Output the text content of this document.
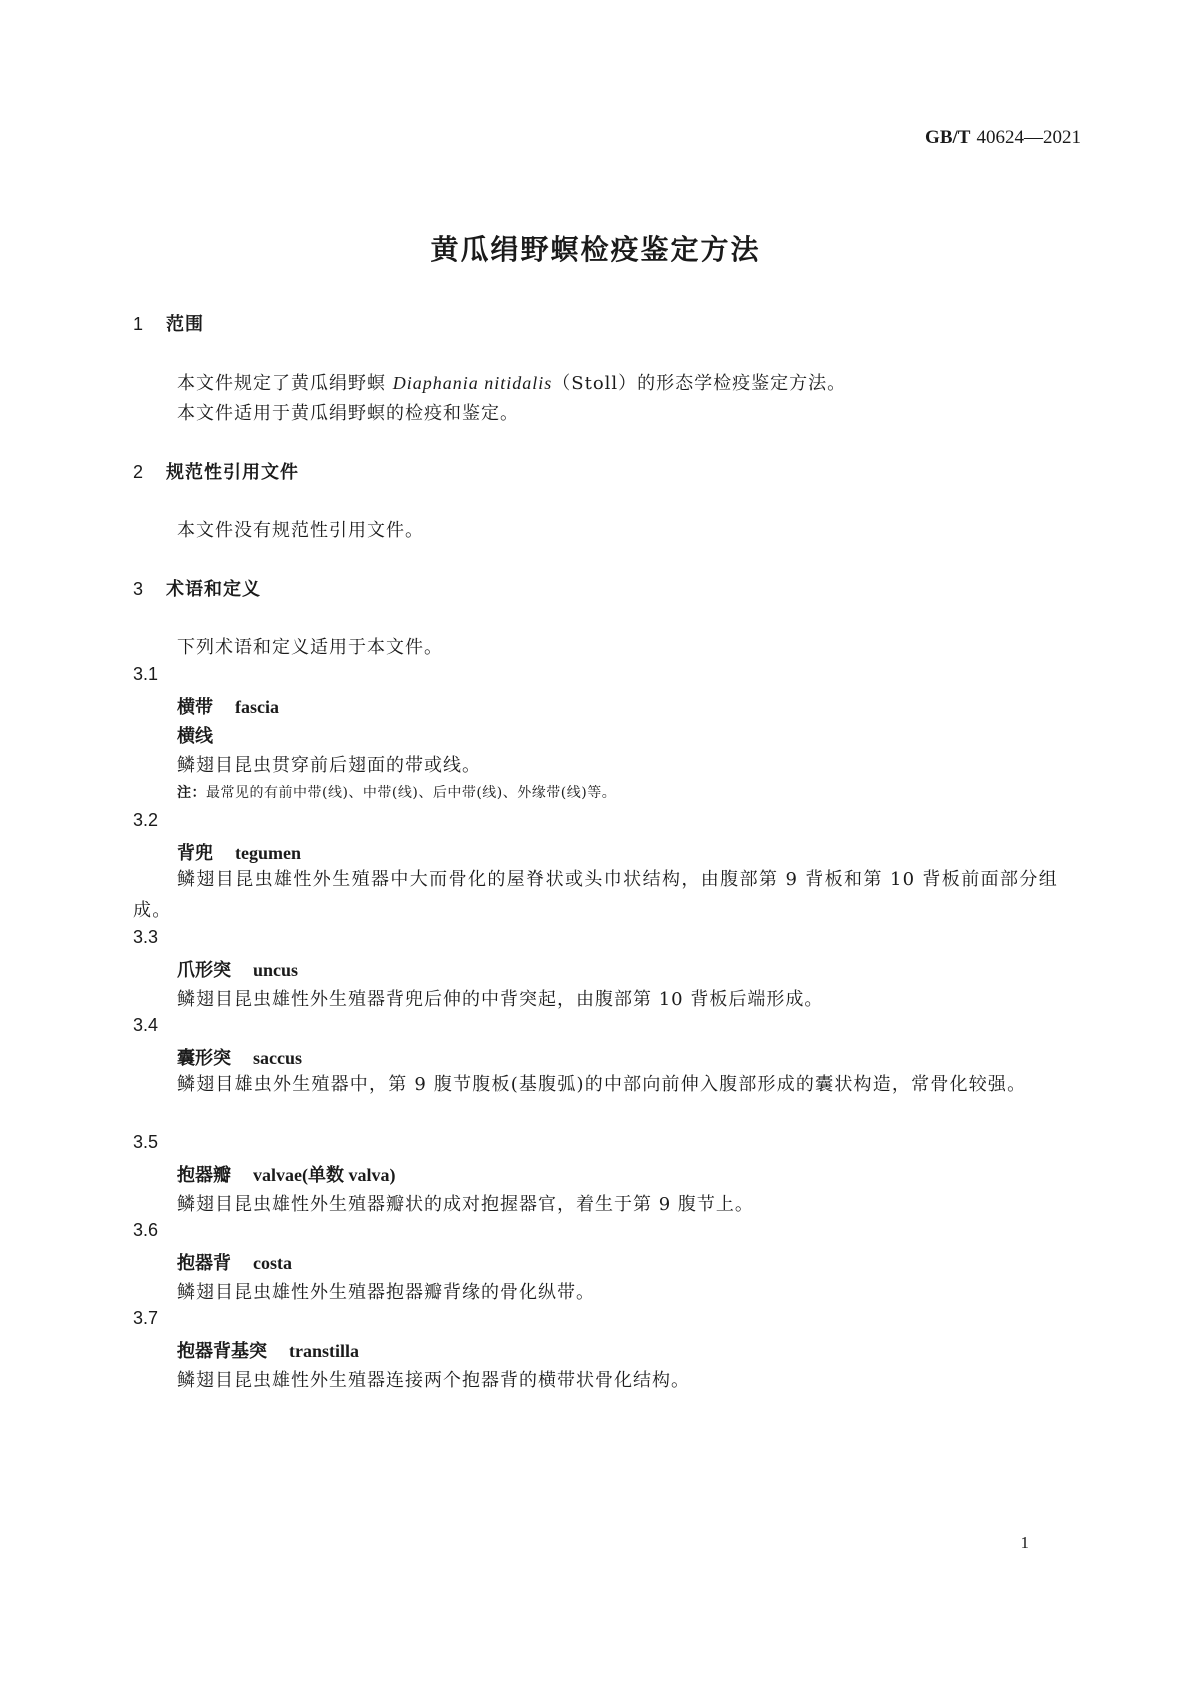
GB/T 40624—2021
黄瓜绢野螟检疫鉴定方法
1 范围
本文件规定了黄瓜绢野螟 Diaphania nitidalis（Stoll）的形态学检疫鉴定方法。
本文件适用于黄瓜绢野螟的检疫和鉴定。
2 规范性引用文件
本文件没有规范性引用文件。
3 术语和定义
下列术语和定义适用于本文件。
3.1
横带 fascia
横线
鳞翅目昆虫贯穿前后翅面的带或线。
注：最常见的有前中带(线)、中带(线)、后中带(线)、外缘带(线)等。
3.2
背兜 tegumen
鳞翅目昆虫雄性外生殖器中大而骨化的屋脊状或头巾状结构，由腹部第 9 背板和第 10 背板前面部分组成。
3.3
爪形突 uncus
鳞翅目昆虫雄性外生殖器背兜后伸的中背突起，由腹部第 10 背板后端形成。
3.4
囊形突 saccus
鳞翅目雄虫外生殖器中，第 9 腹节腹板(基腹弧)的中部向前伸入腹部形成的囊状构造，常骨化较强。
3.5
抱器瓣 valvae(单数 valva)
鳞翅目昆虫雄性外生殖器瓣状的成对抱握器官，着生于第 9 腹节上。
3.6
抱器背 costa
鳞翅目昆虫雄性外生殖器抱器瓣背缘的骨化纵带。
3.7
抱器背基突 transtilla
鳞翅目昆虫雄性外生殖器连接两个抱器背的横带状骨化结构。
1
